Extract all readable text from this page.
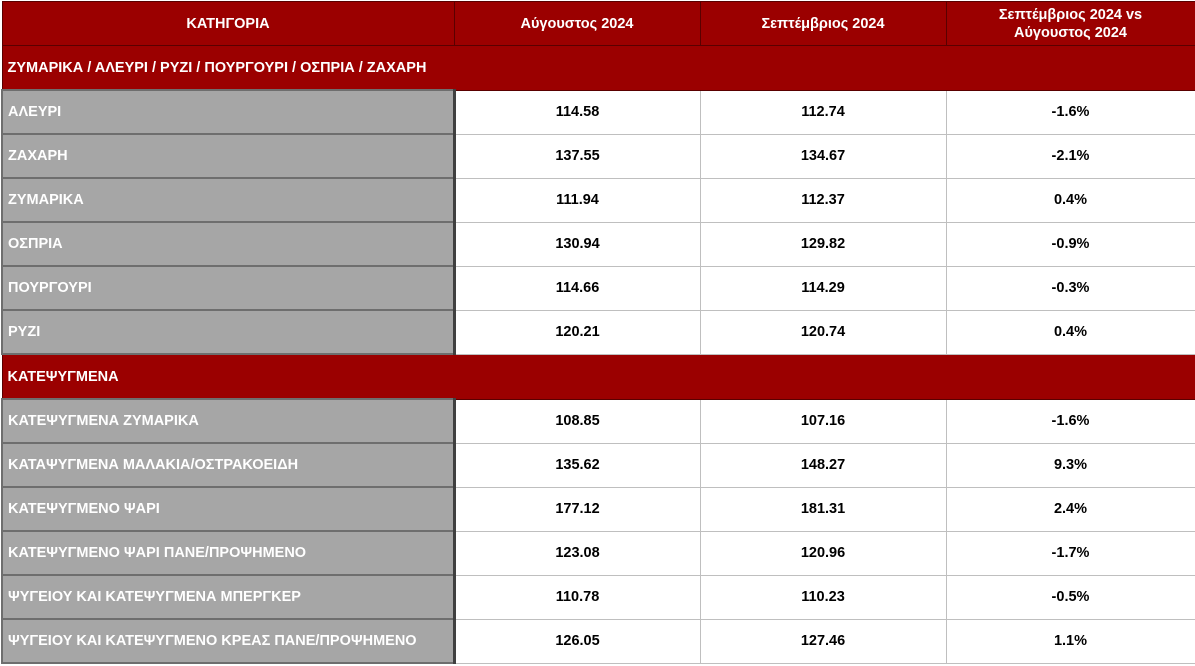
ΚΑΤΗΓΟΡΙΑ	Αύγουστος 2024	Σεπτέμβριος 2024	Σεπτέμβριος 2024 vs
Αύγουστος 2024
ΖΥΜΑΡΙΚΑ / ΑΛΕΥΡΙ / ΡΥΖΙ / ΠΟΥΡΓΟΥΡΙ / ΟΣΠΡΙΑ / ΖΑΧΑΡΗ			
ΑΛΕΥΡΙ	114.58	112.74	-1.6%
ΖΑΧΑΡΗ	137.55	134.67	-2.1%
ΖΥΜΑΡΙΚΑ	111.94	112.37	0.4%
ΟΣΠΡΙΑ	130.94	129.82	-0.9%
ΠΟΥΡΓΟΥΡΙ	114.66	114.29	-0.3%
ΡΥΖΙ	120.21	120.74	0.4%
ΚΑΤΕΨΥΓΜΕΝΑ			
ΚΑΤΕΨΥΓΜΕΝΑ ΖΥΜΑΡΙΚΑ	108.85	107.16	-1.6%
ΚΑΤΑΨΥΓΜΕΝΑ ΜΑΛΑΚΙΑ/ΟΣΤΡΑΚΟΕΙΔΗ	135.62	148.27	9.3%
ΚΑΤΕΨΥΓΜΕΝΟ ΨΑΡΙ	177.12	181.31	2.4%
ΚΑΤΕΨΥΓΜΕΝΟ ΨΑΡΙ ΠΑΝΕ/ΠΡΟΨΗΜΕΝΟ	123.08	120.96	-1.7%
ΨΥΓΕΙΟΥ ΚΑΙ ΚΑΤΕΨΥΓΜΕΝΑ ΜΠΕΡΓΚΕΡ	110.78	110.23	-0.5%
ΨΥΓΕΙΟΥ ΚΑΙ ΚΑΤΕΨΥΓΜΕΝΟ ΚΡΕΑΣ ΠΑΝΕ/ΠΡΟΨΗΜΕΝΟ	126.05	127.46	1.1%
